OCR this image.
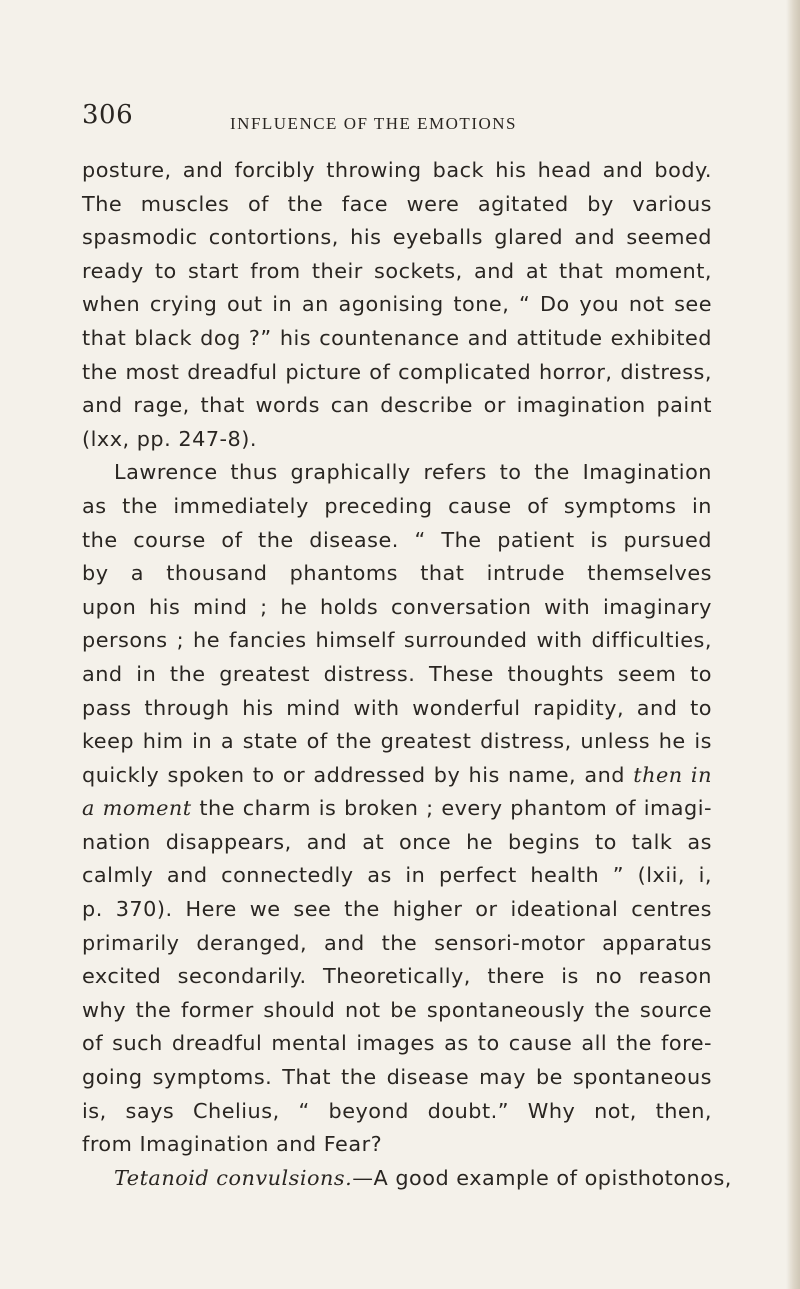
306	INFLUENCE OF THE EMOTIONS
posture, and forcibly throwing back his head and body.
The muscles of the face were agitated by various
spasmodic contortions, his eyeballs glared and seemed
ready to start from their sockets, and at that moment,
when crying out in an agonising tone, “ Do you not see
that black dog ?” his countenance and attitude exhibited
the most dreadful picture of complicated horror, distress,
and rage, that words can describe or imagination paint
(lxx, pp. 247-8).
Lawrence thus graphically refers to the Imagination
as the immediately preceding cause of symptoms in
the course of the disease. “ The patient is pursued
by a thousand phantoms that intrude themselves
upon his mind ; he holds conversation with imaginary
persons ; he fancies himself surrounded with difficulties,
and in the greatest distress. These thoughts seem to
pass through his mind with wonderful rapidity, and to
keep him in a state of the greatest distress, unless he is
quickly spoken to or addressed by his name, and then in
a moment the charm is broken ; every phantom of imagi-
nation disappears, and at once he begins to talk as
calmly and connectedly as in perfect health ” (lxii, i,
p. 370). Here we see the higher or ideational centres
primarily deranged, and the sensori-motor apparatus
excited secondarily. Theoretically, there is no reason
why the former should not be spontaneously the source
of such dreadful mental images as to cause all the fore-
going symptoms. That the disease may be spontaneous
is, says Chelius, “ beyond doubt.” Why not, then,
from Imagination and Fear?
Tetanoid convulsions.—A good example of opisthotonos,
